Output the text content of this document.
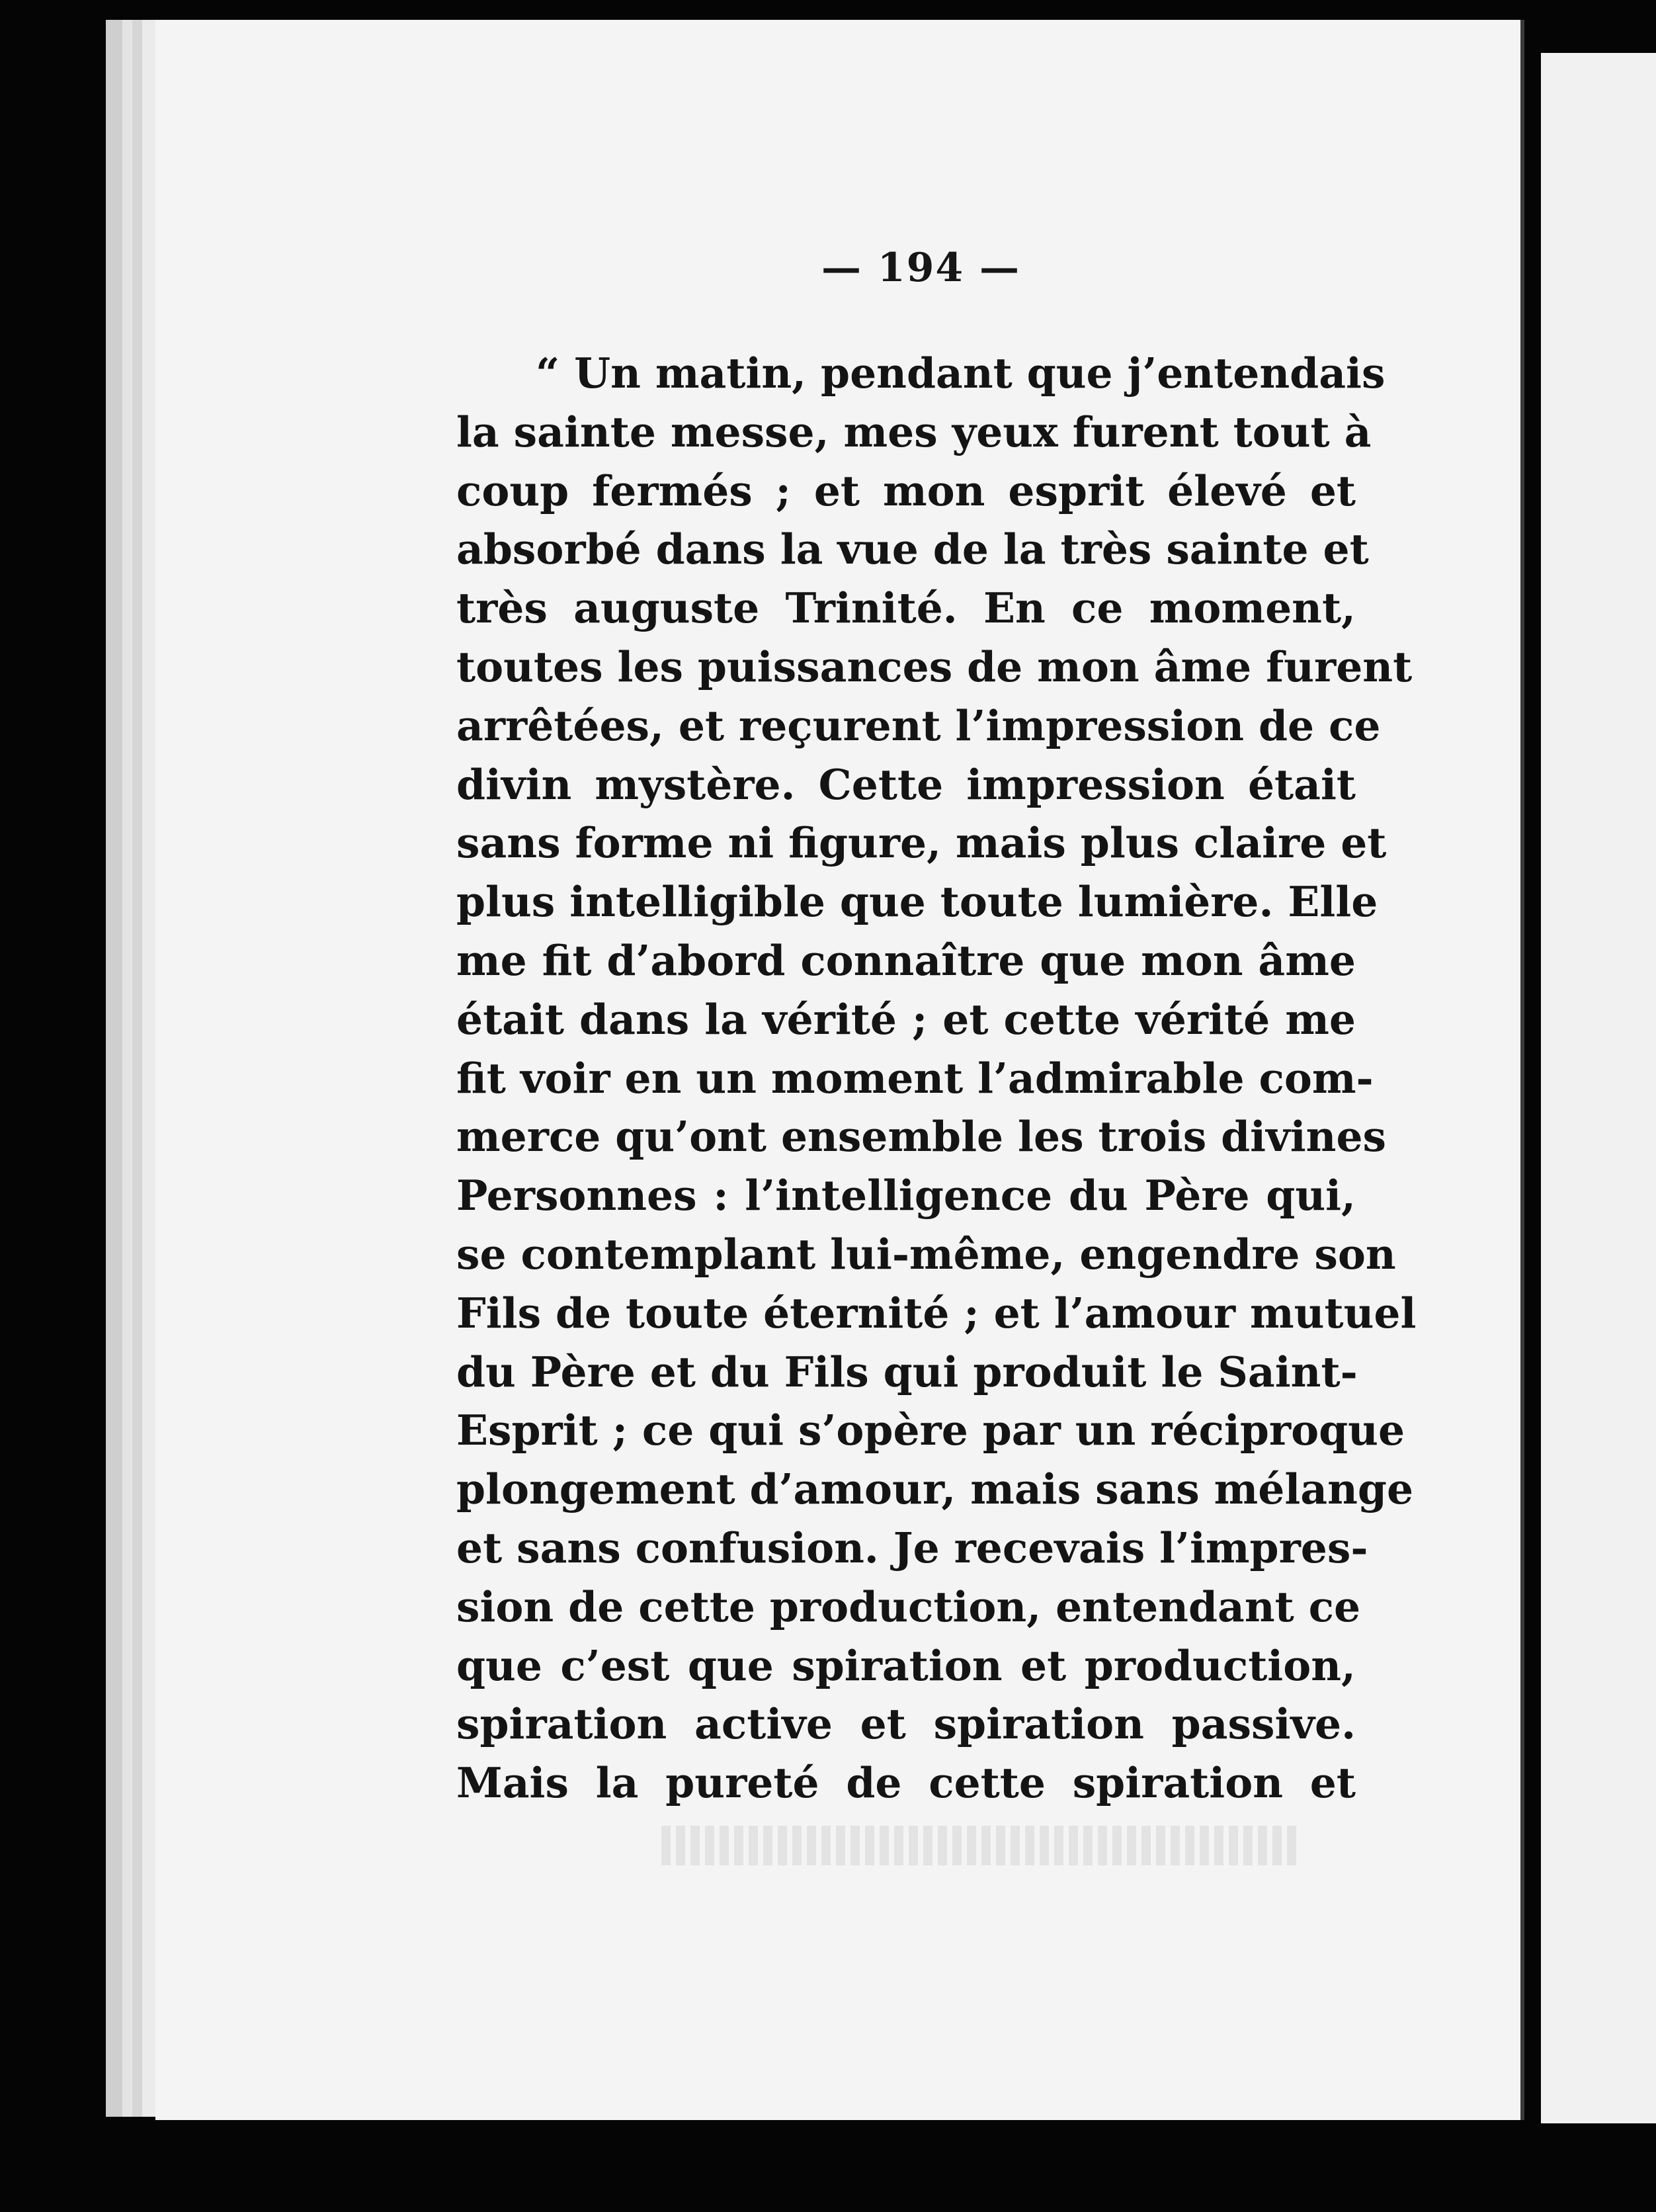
— 194 —
“ Un matin, pendant que j’entendais
la sainte messe, mes yeux furent tout à
coup fermés ; et mon esprit élevé et
absorbé dans la vue de la très sainte et
très auguste Trinité. En ce moment,
toutes les puissances de mon âme furent
arrêtées, et reçurent l’impression de ce
divin mystère. Cette impression était
sans forme ni figure, mais plus claire et
plus intelligible que toute lumière. Elle
me fit d’abord connaître que mon âme
était dans la vérité ; et cette vérité me
fit voir en un moment l’admirable com-
merce qu’ont ensemble les trois divines
Personnes : l’intelligence du Père qui,
se contemplant lui-même, engendre son
Fils de toute éternité ; et l’amour mutuel
du Père et du Fils qui produit le Saint-
Esprit ; ce qui s’opère par un réciproque
plongement d’amour, mais sans mélange
et sans confusion. Je recevais l’impres-
sion de cette production, entendant ce
que c’est que spiration et production,
spiration active et spiration passive.
Mais la pureté de cette spiration et
